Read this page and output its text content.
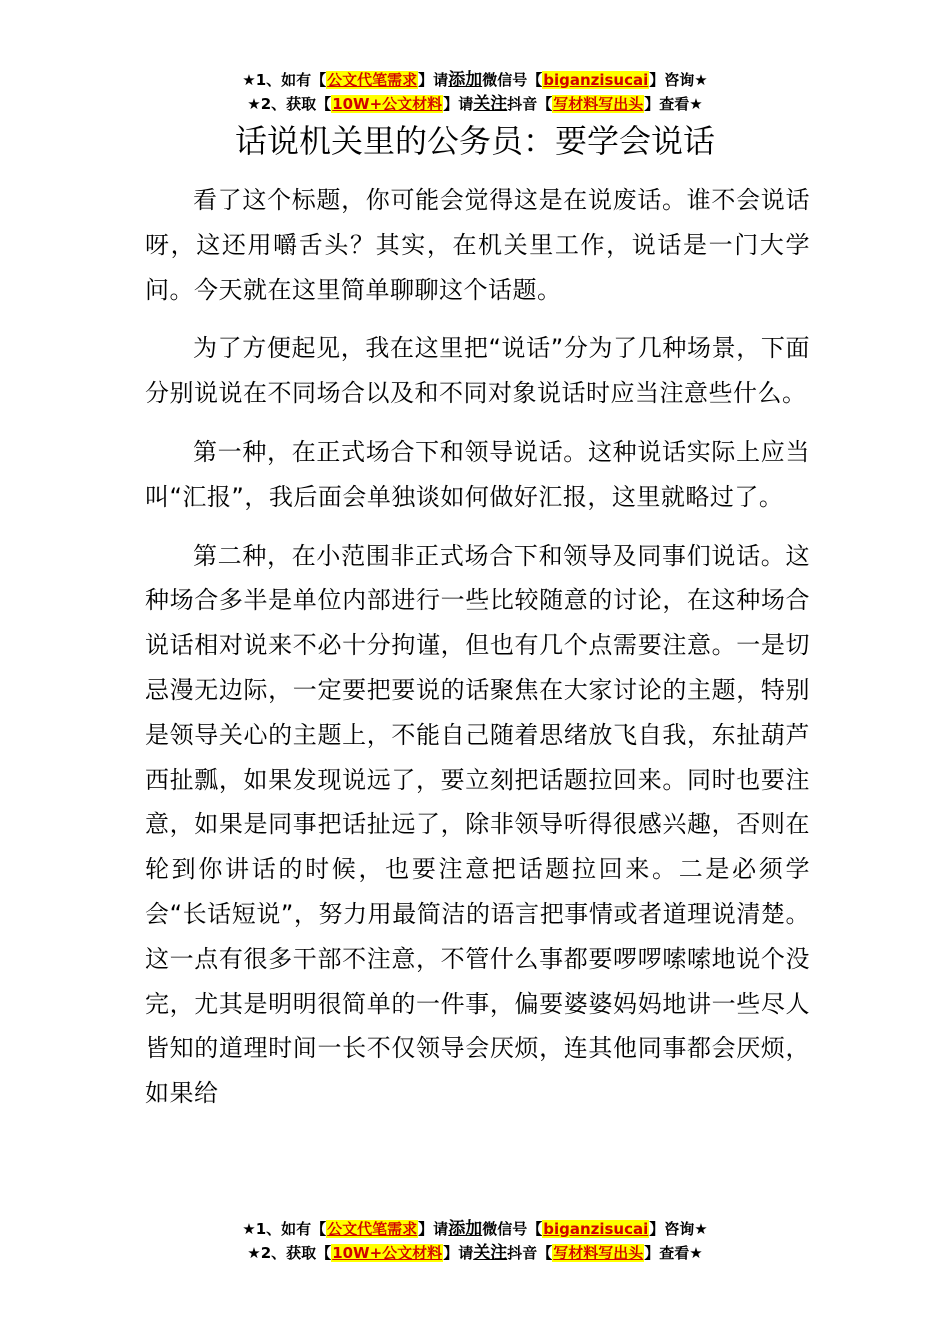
★1、如有【公文代笔需求】请添加微信号【biganzisucai】咨询★
★2、获取【10W+公文材料】请关注抖音【写材料写出头】查看★
话说机关里的公务员：要学会说话

看了这个标题，你可能会觉得这是在说废话。谁不会说话呀，这还用嚼舌头？其实，在机关里工作，说话是一门大学问。今天就在这里简单聊聊这个话题。

为了方便起见，我在这里把“说话”分为了几种场景，下面分别说说在不同场合以及和不同对象说话时应当注意些什么。

第一种，在正式场合下和领导说话。这种说话实际上应当叫“汇报”，我后面会单独谈如何做好汇报，这里就略过了。

第二种，在小范围非正式场合下和领导及同事们说话。这种场合多半是单位内部进行一些比较随意的讨论，在这种场合说话相对说来不必十分拘谨，但也有几个点需要注意。一是切忌漫无边际，一定要把要说的话聚焦在大家讨论的主题，特别是领导关心的主题上，不能自己随着思绪放飞自我，东扯葫芦西扯瓢，如果发现说远了，要立刻把话题拉回来。同时也要注意，如果是同事把话扯远了，除非领导听得很感兴趣，否则在轮到你讲话的时候，也要注意把话题拉回来。二是必须学会“长话短说”，努力用最简洁的语言把事情或者道理说清楚。这一点有很多干部不注意，不管什么事都要啰啰嗦嗦地说个没完，尤其是明明很简单的一件事，偏要婆婆妈妈地讲一些尽人皆知的道理时间一长不仅领导会厌烦，连其他同事都会厌烦，如果给

★1、如有【公文代笔需求】请添加微信号【biganzisucai】咨询★
★2、获取【10W+公文材料】请关注抖音【写材料写出头】查看★
